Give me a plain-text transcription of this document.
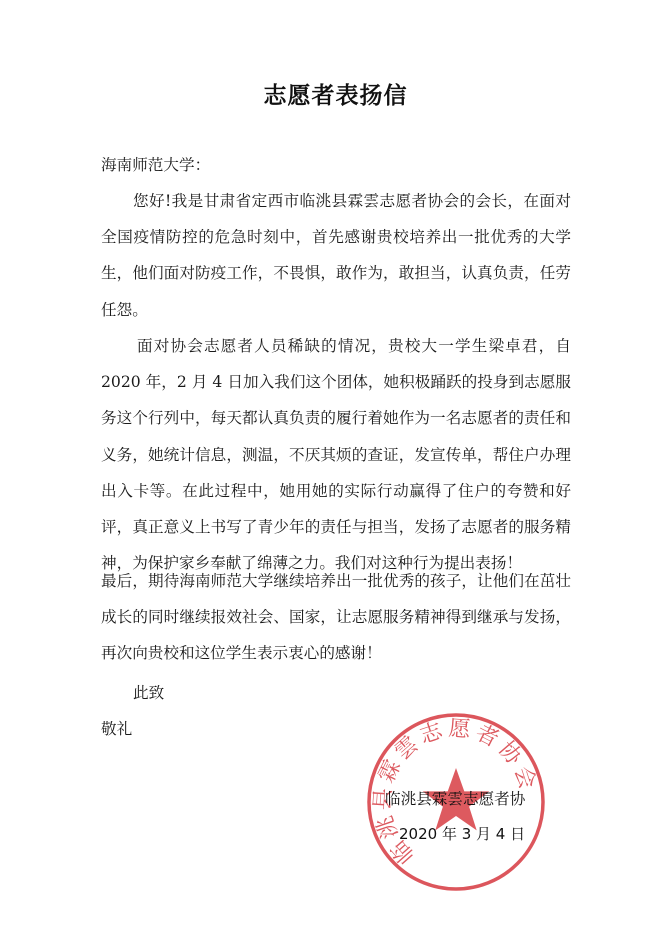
志愿者表扬信
海南师范大学：
您好!我是甘肃省定西市临洮县霖雲志愿者协会的会长，在面对全国疫情防控的危急时刻中，首先感谢贵校培养出一批优秀的大学生，他们面对防疫工作，不畏惧，敢作为，敢担当，认真负责，任劳任怨。
面对协会志愿者人员稀缺的情况，贵校大一学生梁卓君，自 2020 年，2 月 4 日加入我们这个团体，她积极踊跃的投身到志愿服务这个行列中，每天都认真负责的履行着她作为一名志愿者的责任和义务，她统计信息，测温，不厌其烦的查证，发宣传单，帮住户办理出入卡等。在此过程中，她用她的实际行动赢得了住户的夸赞和好评，真正意义上书写了青少年的责任与担当，发扬了志愿者的服务精神，为保护家乡奉献了绵薄之力。我们对这种行为提出表扬！
最后，期待海南师范大学继续培养出一批优秀的孩子，让他们在茁壮成长的同时继续报效社会、国家，让志愿服务精神得到继承与发扬，再次向贵校和这位学生表示衷心的感谢！
此致
敬礼
临洮县霖雲志愿者协会
临洮县霖雲志愿者协
2020 年 3 月 4 日
